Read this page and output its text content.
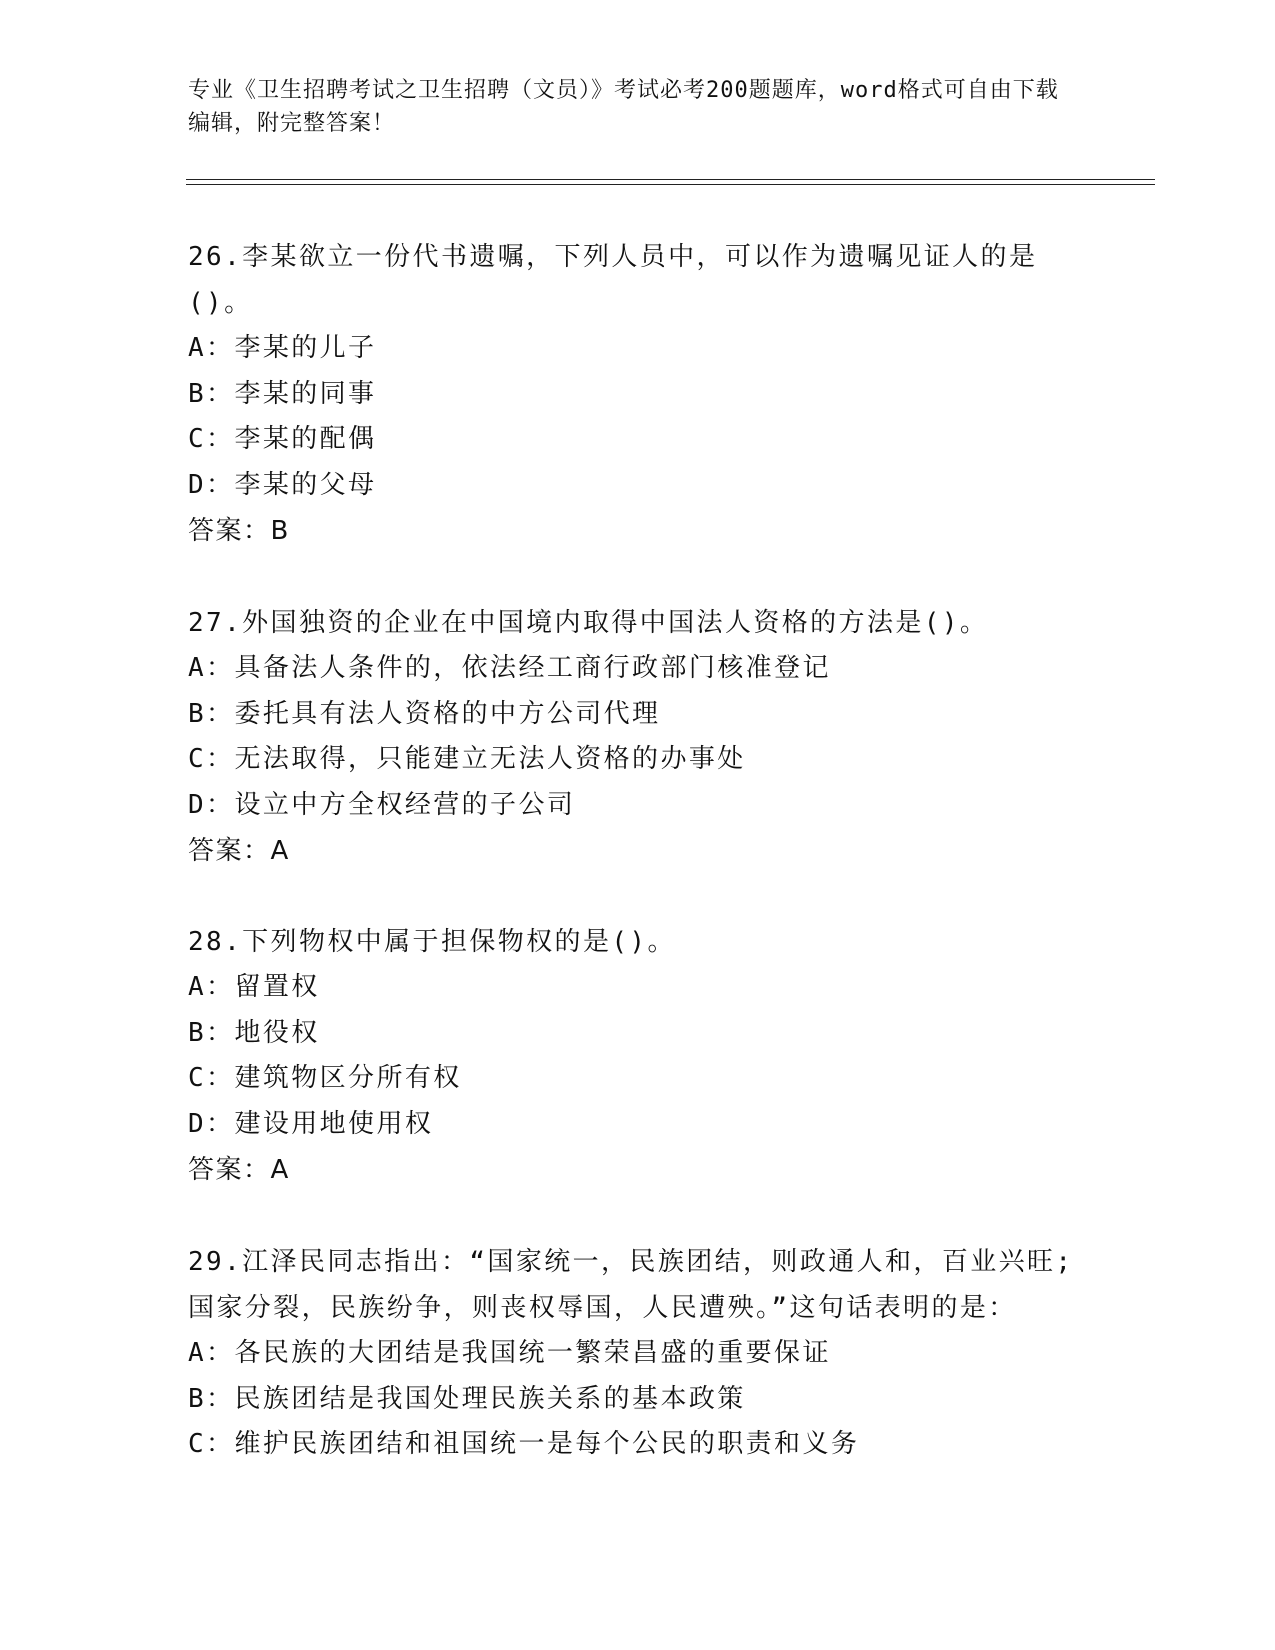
专业《卫生招聘考试之卫生招聘（文员）》考试必考200题题库，word格式可自由下载编辑，附完整答案！

26.李某欲立一份代书遗嘱，下列人员中，可以作为遗嘱见证人的是()。

A：李某的儿子
B：李某的同事
C：李某的配偶
D：李某的父母
答案：B

27.外国独资的企业在中国境内取得中国法人资格的方法是()。

A：具备法人条件的，依法经工商行政部门核准登记
B：委托具有法人资格的中方公司代理
C：无法取得，只能建立无法人资格的办事处
D：设立中方全权经营的子公司
答案：A

28.下列物权中属于担保物权的是()。

A：留置权
B：地役权
C：建筑物区分所有权
D：建设用地使用权
答案：A

29.江泽民同志指出：“国家统一，民族团结，则政通人和，百业兴旺;国家分裂，民族纷争，则丧权辱国，人民遭殃。”这句话表明的是：

A：各民族的大团结是我国统一繁荣昌盛的重要保证
B：民族团结是我国处理民族关系的基本政策
C：维护民族团结和祖国统一是每个公民的职责和义务
